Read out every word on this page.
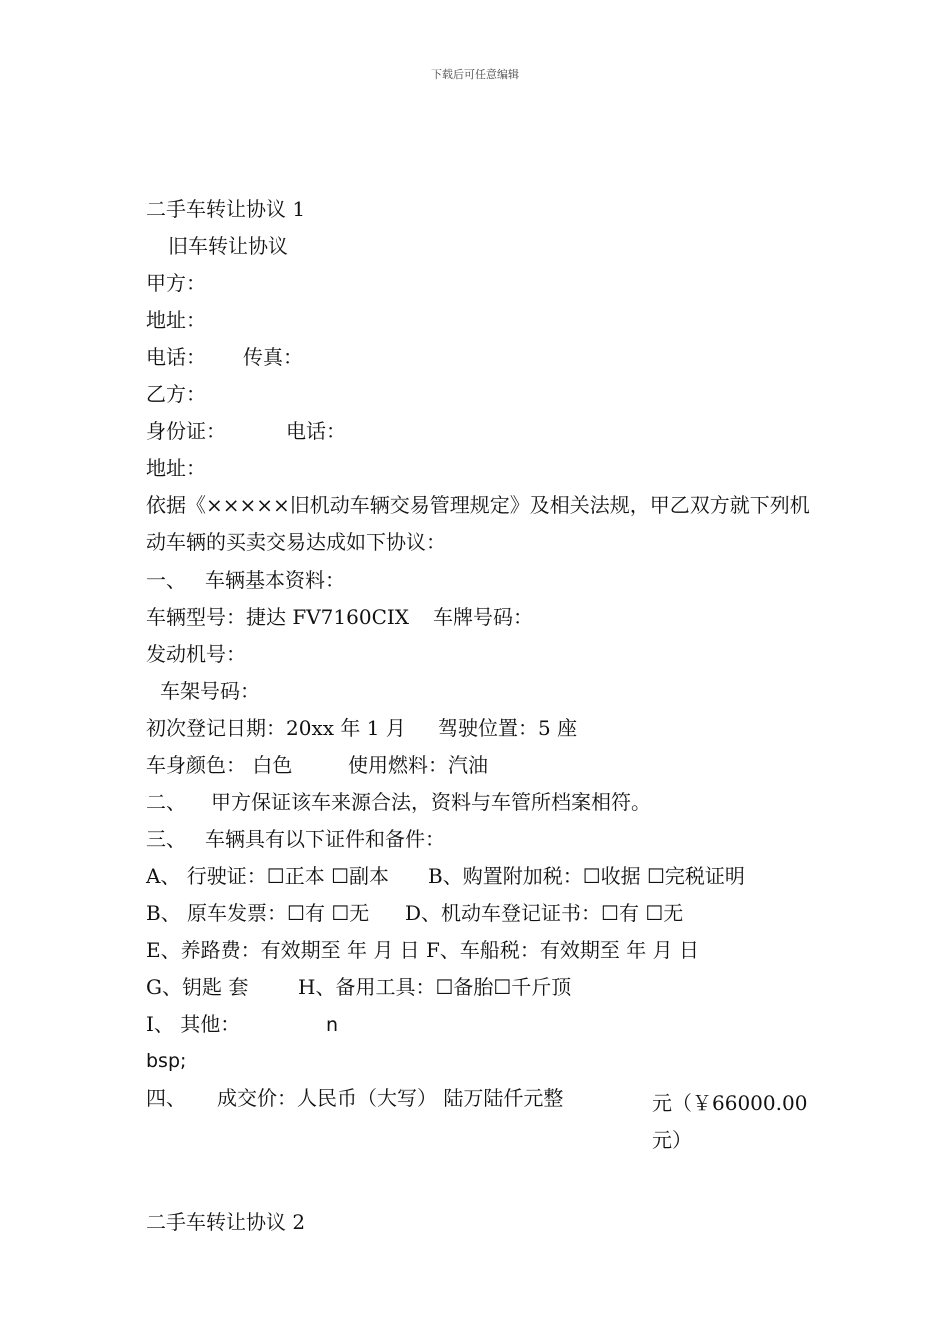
下载后可任意编辑
二手车转让协议 1
旧车转让协议
甲方：
地址：
电话： 传真：
乙方：
身份证：	电话：
地址：
依据《×××××旧机动车辆交易管理规定》及相关法规，甲乙双方就下列机动车辆的买卖交易达成如下协议：
一、 车辆基本资料：
车辆型号：捷达 FV7160CIX 车牌号码：
发动机号：
车架号码：
初次登记日期：20xx 年 1 月 驾驶位置：5 座
车身颜色： 白色	使用燃料：汽油
二、 甲方保证该车来源合法，资料与车管所档案相符。
三、 车辆具有以下证件和备件：
A、 行驶证：☐正本 ☐副本 B、购置附加税：☐收据 ☐完税证明
B、 原车发票：☐有 ☐无 D、机动车登记证书：☐有 ☐无
E、养路费：有效期至 年 月 日 F、车船税：有效期至 年 月 日
G、钥匙 套 H、备用工具：☐备胎☐千斤顶
I、 其他：	n
bsp;
四、 成交价：人民币（大写） 陆万陆仟元整	元（￥66000.00 元）
二手车转让协议 2
